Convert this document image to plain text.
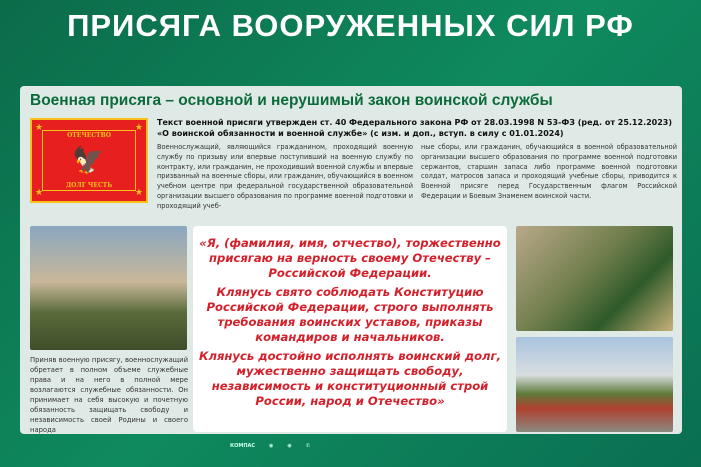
ПРИСЯГА ВООРУЖЕННЫХ СИЛ РФ
Военная присяга – основной и нерушимый закон воинской службы
ОТЕЧЕСТВО
🦅
★	★
★	★
ДОЛГ ЧЕСТЬ
Текст военной присяги утвержден ст. 40 Федерального закона РФ от 28.03.1998 N 53-ФЗ (ред. от 25.12.2023)
«О воинской обязанности и военной службе» (с изм. и доп., вступ. в силу с 01.01.2024)
Военнослужащий, являющийся гражданином, проходящий военную службу по призыву или впервые поступивший на военную службу по контракту, или гражданин, не проходивший военной службы и впервые призванный на военные сборы, или гражданин, обучающийся в военном учебном центре при федеральной государственной образовательной организации высшего образования по программе военной подготовки и проходящий учеб-
ные сборы, или гражданин, обучающийся в военной образовательной организации высшего образования по программе военной подготовки сержантов, старшин запаса либо программе военной подготовки солдат, матросов запаса и проходящий учебные сборы, приводится к Военной присяге перед Государственным флагом Российской Федерации и Боевым Знаменем воинской части.
Приняв военную присягу, военнослужащий обретает в полном объеме служебные права и на него в полной мере возлагаются служебные обязанности. Он принимает на себя высокую и почетную обязанность защищать свободу и независимость своей Родины и своего народа

«Я, (фамилия, имя, отчество), торжественно присягаю на верность своему Отечеству – Российской Федерации.

Клянусь свято соблюдать Конституцию Российской Федерации, строго выполнять требования воинских уставов, приказы командиров и начальников.

Клянусь достойно исполнять воинский долг, мужественно защищать свободу, независимость и конституционный строй России, народ и Отечество»

КОМПАС	◉	◉	✆
